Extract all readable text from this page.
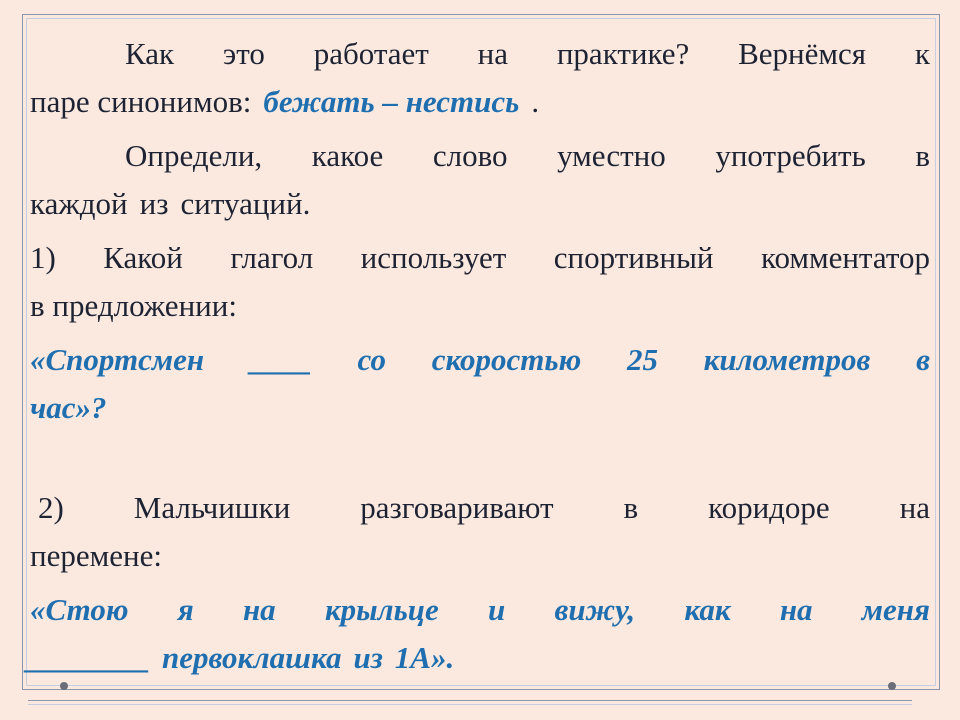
Как это работает на практике? Вернёмся к
паре синонимов: бежать – нестись .
Определи, какое слово уместно употребить в
каждой из ситуаций.
1) Какой глагол использует спортивный комментатор
в предложении:
«Спортсмен ____ со скоростью 25 километров в
час»?
2) Мальчишки разговаривают в коридоре на
перемене:
«Стою я на крыльце и вижу, как на меня
________ первоклашка из 1А».
